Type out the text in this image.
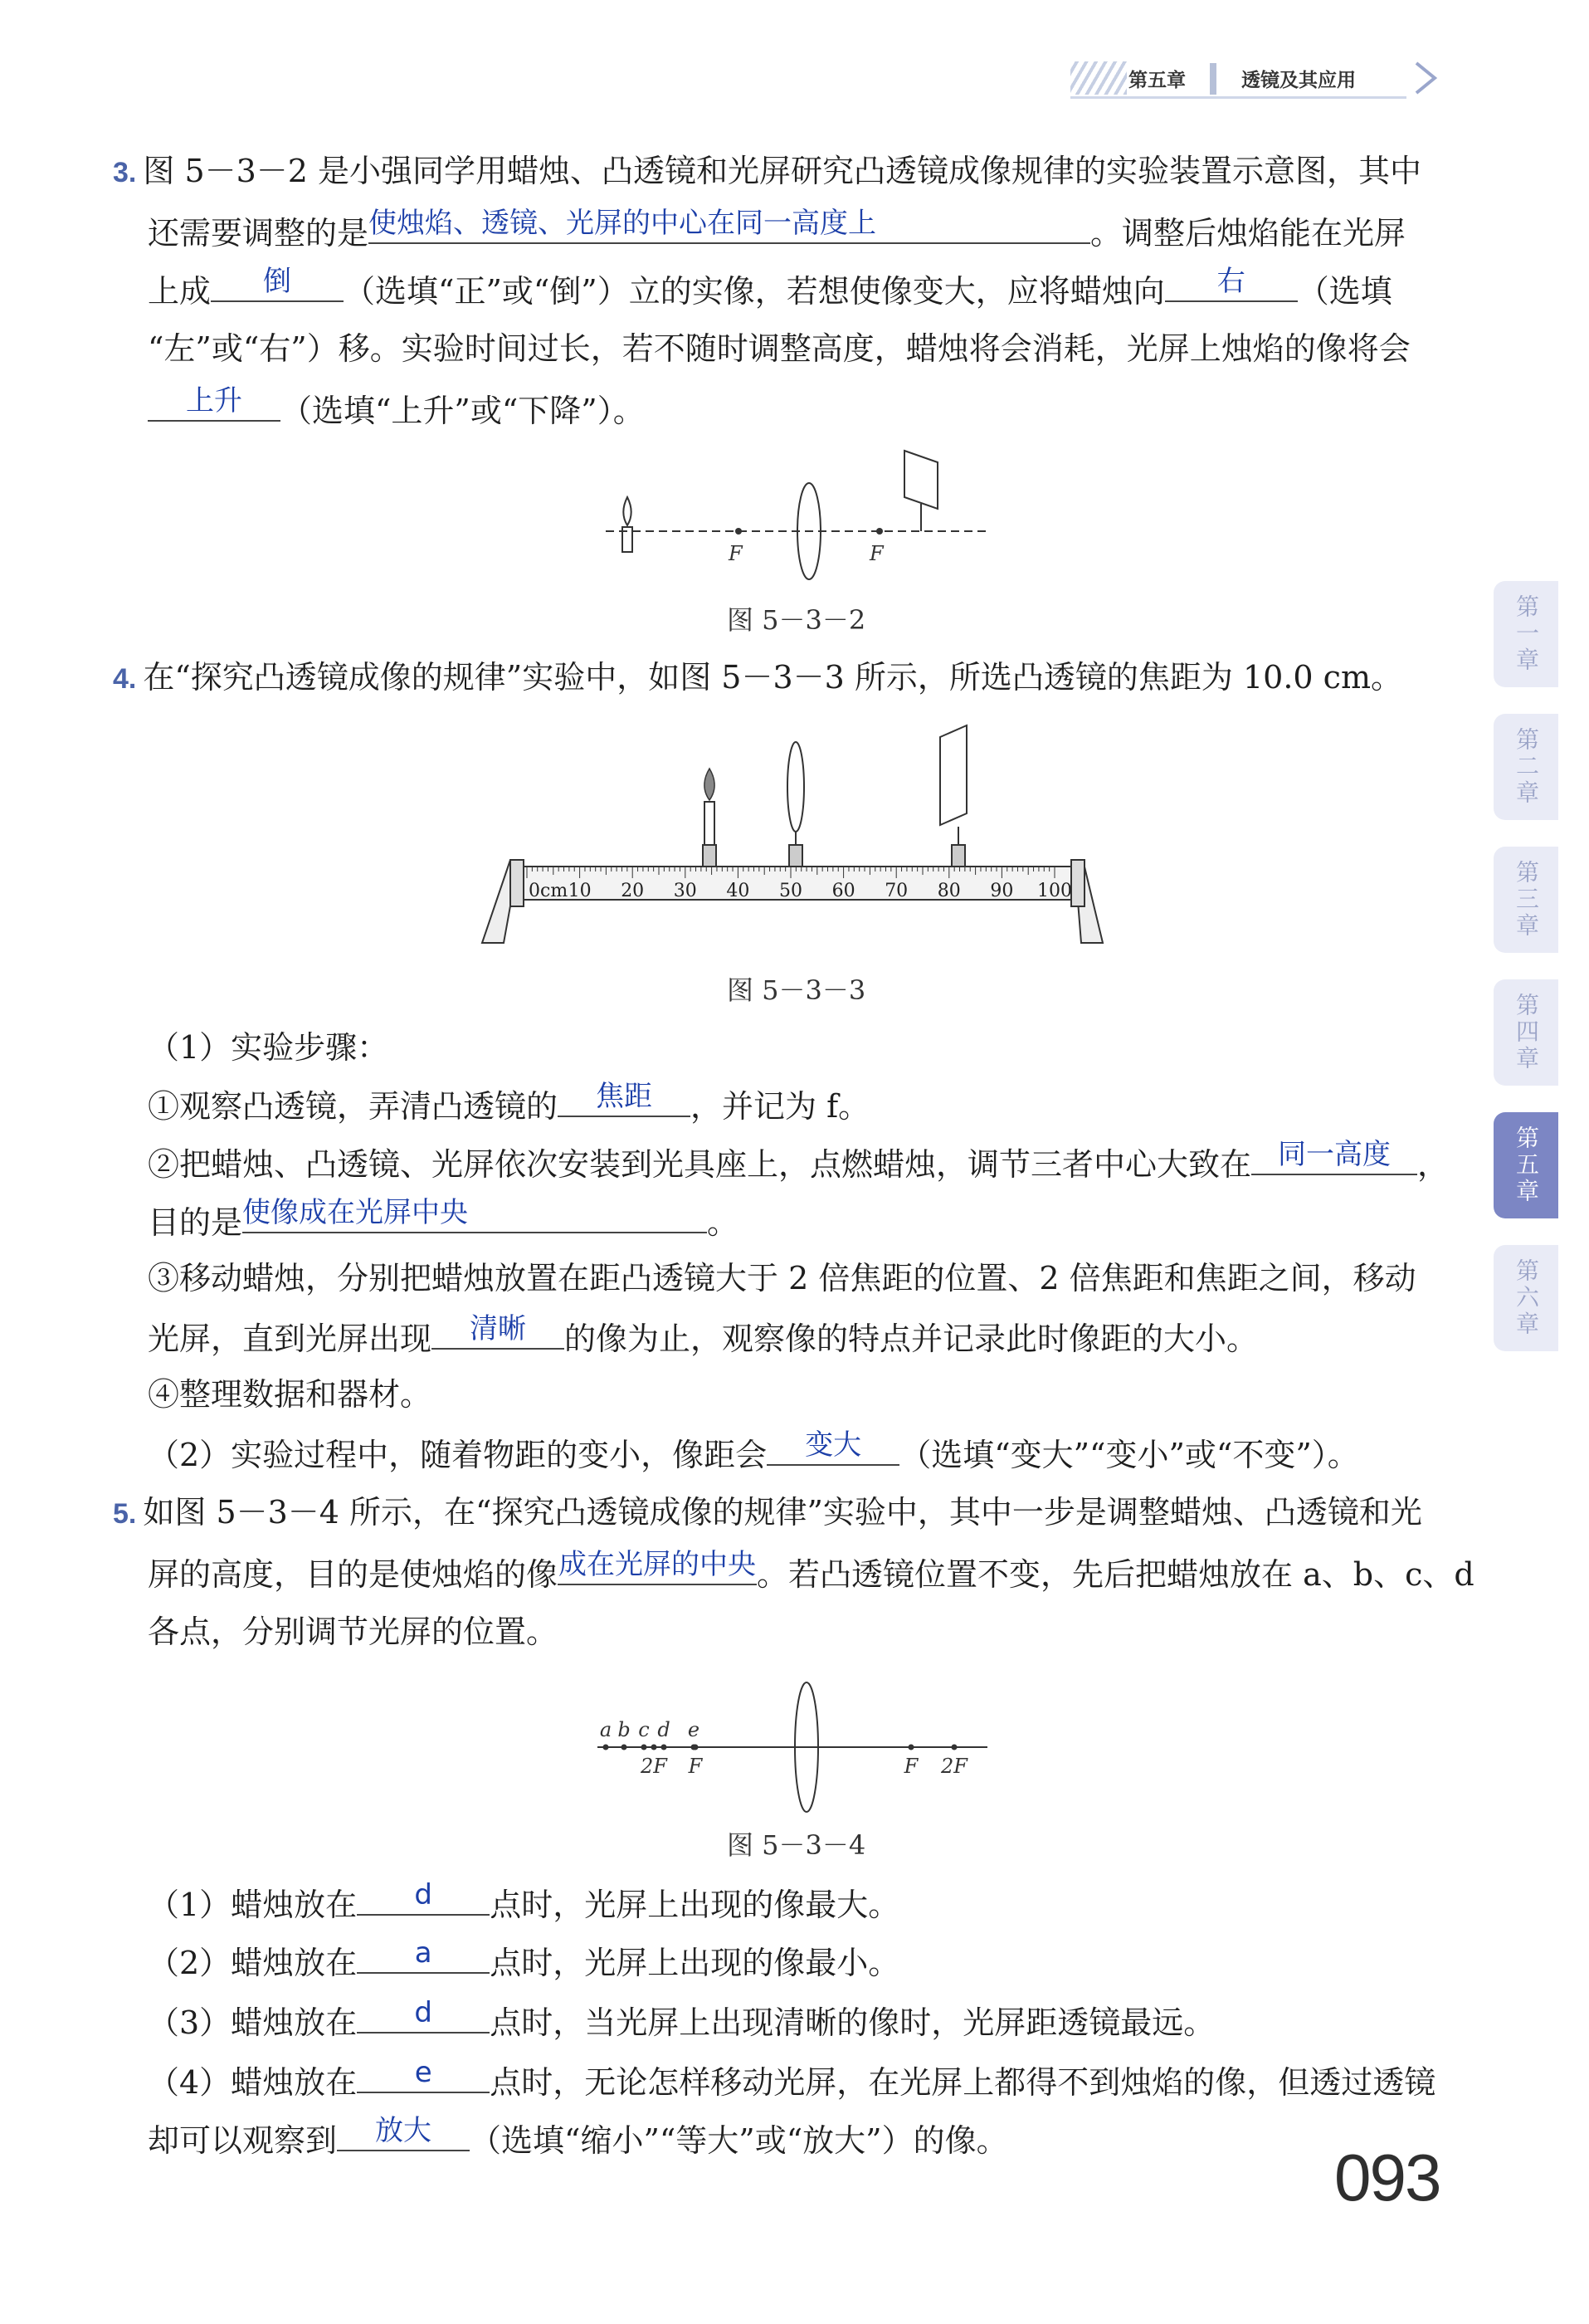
第五章	透镜及其应用
第一章
第二章
第三章
第四章
第五章
第六章
3. 图 5－3－2 是小强同学用蜡烛、凸透镜和光屏研究凸透镜成像规律的实验装置示意图，其中
还需要调整的是 使烛焰、透镜、光屏的中心在同一高度上	。调整后烛焰能在光屏
上成	倒	（选填“正”或“倒”）立的实像，若想使像变大，应将蜡烛向	右	（选填
“左”或“右”）移。实验时间过长，若不随时调整高度，蜡烛将会消耗，光屏上烛焰的像将会
上升	（选填“上升”或“下降”）。
F	F
图 5－3－2
4. 在“探究凸透镜成像的规律”实验中，如图 5－3－3 所示，所选凸透镜的焦距为 10.0 cm。
0cm 10 20 30 40 50 60 70 80 90 100
图 5－3－3
（1）实验步骤：
①观察凸透镜，弄清凸透镜的	焦距	，并记为 f。
②把蜡烛、凸透镜、光屏依次安装到光具座上，点燃蜡烛，调节三者中心大致在 同一高度 ，
目的是 使像成在光屏中央	。
③移动蜡烛，分别把蜡烛放置在距凸透镜大于 2 倍焦距的位置、2 倍焦距和焦距之间，移动
光屏，直到光屏出现	清晰	的像为止，观察像的特点并记录此时像距的大小。
④整理数据和器材。
（2）实验过程中，随着物距的变小，像距会	变大	（选填“变大”“变小”或“不变”）。
5. 如图 5－3－4 所示，在“探究凸透镜成像的规律”实验中，其中一步是调整蜡烛、凸透镜和光
屏的高度，目的是使烛焰的像 成在光屏的中央 。若凸透镜位置不变，先后把蜡烛放在 a、b、c、d
各点，分别调节光屏的位置。
a b c d e
2F F	F 2F
图 5－3－4
（1）蜡烛放在	d	点时，光屏上出现的像最大。
（2）蜡烛放在	a	点时，光屏上出现的像最小。
（3）蜡烛放在	d	点时，当光屏上出现清晰的像时，光屏距透镜最远。
（4）蜡烛放在	e	点时，无论怎样移动光屏，在光屏上都得不到烛焰的像，但透过透镜
却可以观察到	放大	（选填“缩小”“等大”或“放大”）的像。	093
